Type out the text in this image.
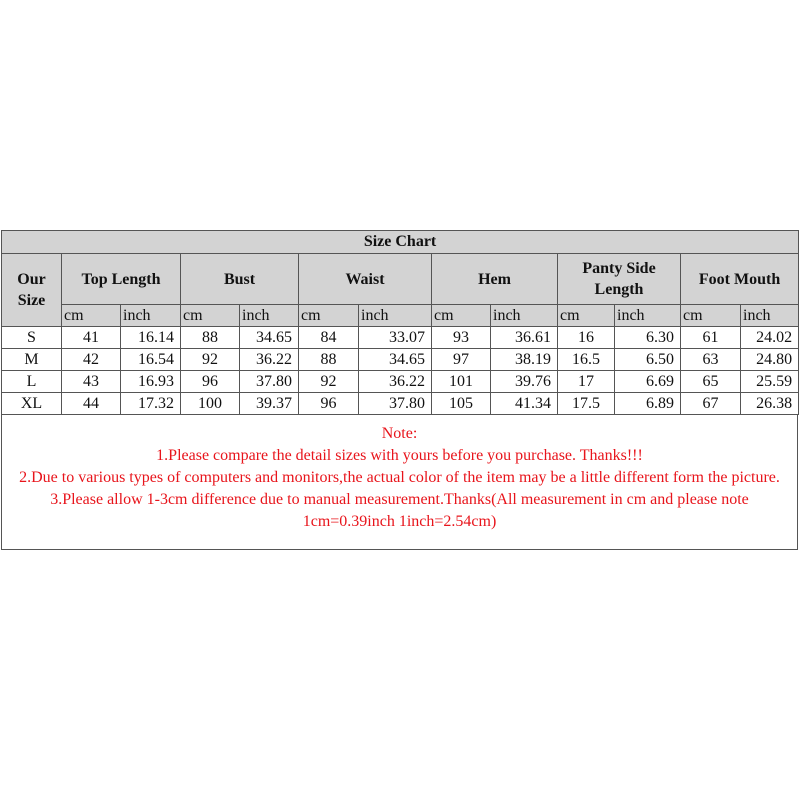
Size Chart												
Our Size	Top Length		Bust		Waist		Hem		Panty Side Length		Foot Mouth	
	cm	inch	cm	inch	cm	inch	cm	inch	cm	inch	cm	inch
S	41	16.14	88	34.65	84	33.07	93	36.61	16	6.30	61	24.02
M	42	16.54	92	36.22	88	34.65	97	38.19	16.5	6.50	63	24.80
L	43	16.93	96	37.80	92	36.22	101	39.76	17	6.69	65	25.59
XL	44	17.32	100	39.37	96	37.80	105	41.34	17.5	6.89	67	26.38
Note:
1.Please compare the detail sizes with yours before you purchase. Thanks!!!
2.Due to various types of computers and monitors,the actual color of the item may be a little different form the picture.
3.Please allow 1-3cm difference due to manual measurement.Thanks(All measurement in cm and please note 1cm=0.39inch 1inch=2.54cm)
